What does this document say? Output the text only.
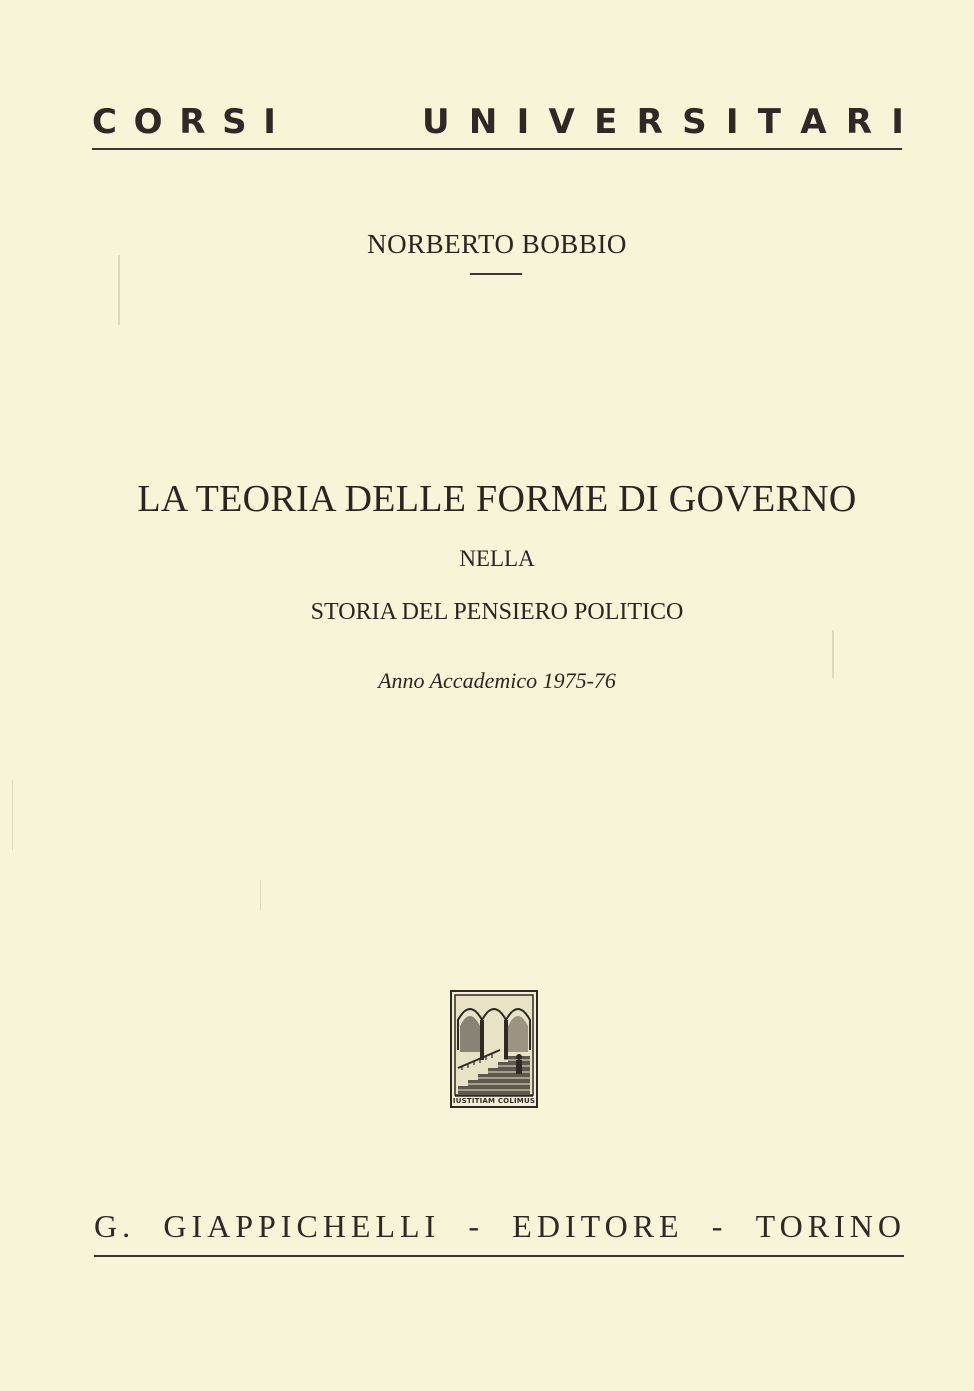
C O R S I	U N I V E R S I T A R I
NORBERTO BOBBIO
LA TEORIA DELLE FORME DI GOVERNO
NELLA
STORIA DEL PENSIERO POLITICO
Anno Accademico 1975-76
IUSTITIAM COLIMUS
G. GIAPPICHELLI - EDITORE - TORINO
